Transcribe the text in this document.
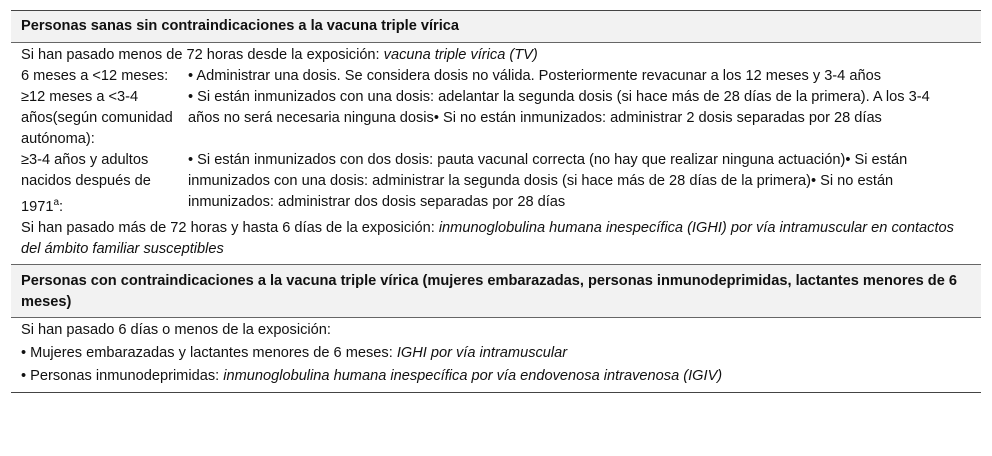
Personas sanas sin contraindicaciones a la vacuna triple vírica
Si han pasado menos de 72 horas desde la exposición: vacuna triple vírica (TV)
6 meses a <12 meses:	• Administrar una dosis. Se considera dosis no válida. Posteriormente revacunar a los 12 meses y 3-4 años
≥12 meses a <3-4 años(según comunidad autónoma):
• Si están inmunizados con una dosis: adelantar la segunda dosis (si hace más de 28 días de la primera). A los 3-4 años no será necesaria ninguna dosis• Si no están inmunizados: administrar 2 dosis separadas por 28 días
≥3-4 años y adultos nacidos después de 1971$^a$:
• Si están inmunizados con dos dosis: pauta vacunal correcta (no hay que realizar ninguna actuación)• Si están inmunizados con una dosis: administrar la segunda dosis (si hace más de 28 días de la primera)• Si no están inmunizados: administrar dos dosis separadas por 28 días
Si han pasado más de 72 horas y hasta 6 días de la exposición: inmunoglobulina humana inespecífica (IGHI) por vía intramuscular en contactos del ámbito familiar susceptibles
Personas con contraindicaciones a la vacuna triple vírica (mujeres embarazadas, personas inmunodeprimidas, lactantes menores de 6 meses)
Si han pasado 6 días o menos de la exposición:
• Mujeres embarazadas y lactantes menores de 6 meses: IGHI por vía intramuscular
• Personas inmunodeprimidas: inmunoglobulina humana inespecífica por vía endovenosa intravenosa (IGIV)
